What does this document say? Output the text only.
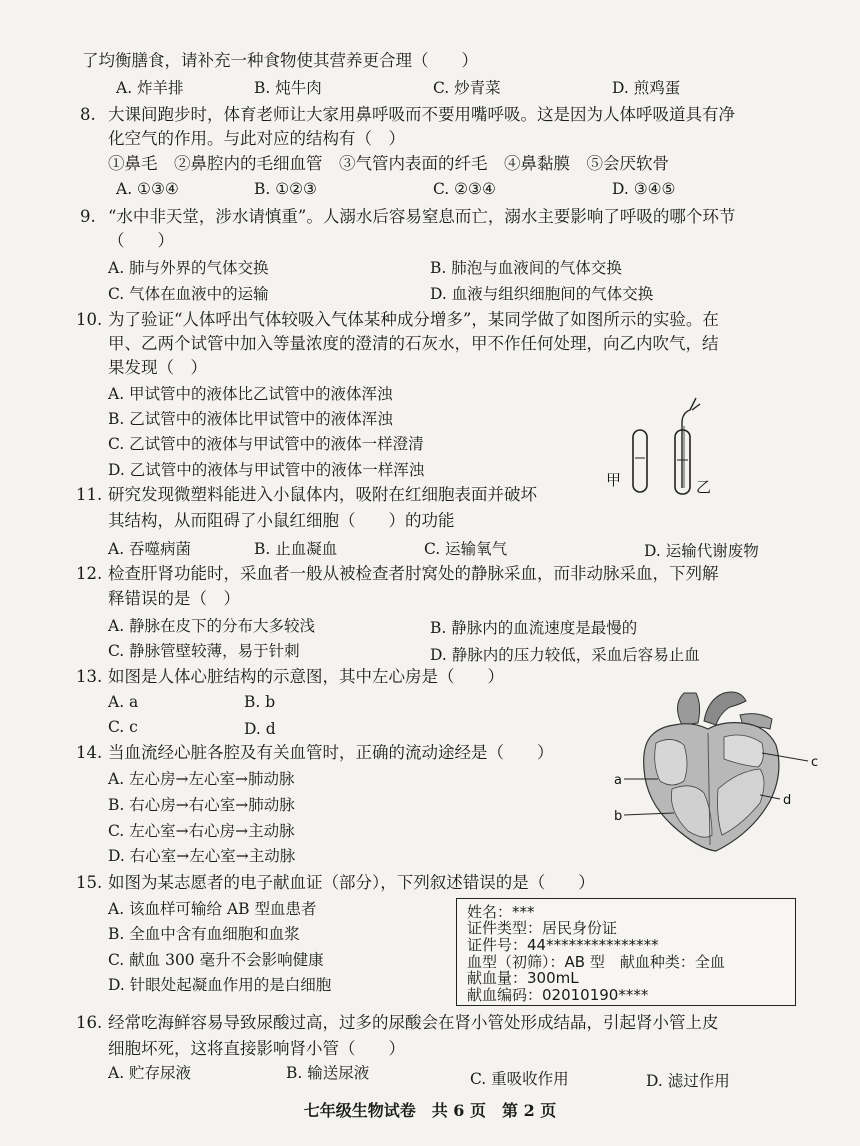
了均衡膳食，请补充一种食物使其营养更合理（　　）
A. 炸羊排	B. 炖牛肉	C. 炒青菜	D. 煎鸡蛋
8. 大课间跑步时，体育老师让大家用鼻呼吸而不要用嘴呼吸。这是因为人体呼吸道具有净
化空气的作用。与此对应的结构有（　）
①鼻毛　②鼻腔内的毛细血管　③气管内表面的纤毛　④鼻黏膜　⑤会厌软骨
A. ①③④	B. ①②③	C. ②③④	D. ③④⑤
9. “水中非天堂，涉水请慎重”。人溺水后容易窒息而亡，溺水主要影响了呼吸的哪个环节
（　　）
A. 肺与外界的气体交换	B. 肺泡与血液间的气体交换
C. 气体在血液中的运输	D. 血液与组织细胞间的气体交换
10. 为了验证“人体呼出气体较吸入气体某种成分增多”，某同学做了如图所示的实验。在
甲、乙两个试管中加入等量浓度的澄清的石灰水，甲不作任何处理，向乙内吹气，结
果发现（　）
A. 甲试管中的液体比乙试管中的液体浑浊
B. 乙试管中的液体比甲试管中的液体浑浊
C. 乙试管中的液体与甲试管中的液体一样澄清
D. 乙试管中的液体与甲试管中的液体一样浑浊
甲	乙
11. 研究发现微塑料能进入小鼠体内，吸附在红细胞表面并破坏
其结构，从而阻碍了小鼠红细胞（　　）的功能
A. 吞噬病菌	B. 止血凝血	C. 运输氧气	D. 运输代谢废物
12. 检查肝肾功能时，采血者一般从被检查者肘窝处的静脉采血，而非动脉采血，下列解
释错误的是（　）
A. 静脉在皮下的分布大多较浅	B. 静脉内的血流速度是最慢的
C. 静脉管壁较薄，易于针刺	D. 静脉内的压力较低，采血后容易止血
13. 如图是人体心脏结构的示意图，其中左心房是（　　）
A. a	B. b
C. c	D. d
a
b
c
d
14. 当血流经心脏各腔及有关血管时，正确的流动途经是（　　）
A. 左心房→左心室→肺动脉
B. 右心房→右心室→肺动脉
C. 左心室→右心房→主动脉
D. 右心室→左心室→主动脉
15. 如图为某志愿者的电子献血证（部分），下列叙述错误的是（　　）
A. 该血样可输给 AB 型血患者
B. 全血中含有血细胞和血浆
C. 献血 300 毫升不会影响健康
D. 针眼处起凝血作用的是白细胞
姓名：***
证件类型：居民身份证
证件号：44***************
血型（初筛）：AB 型　献血种类：全血
献血量：300mL
献血编码：02010190****
16. 经常吃海鲜容易导致尿酸过高，过多的尿酸会在肾小管处形成结晶，引起肾小管上皮
细胞坏死，这将直接影响肾小管（　　）
A. 贮存尿液	B. 输送尿液	C. 重吸收作用	D. 滤过作用
七年级生物试卷　共 6 页　第 2 页
